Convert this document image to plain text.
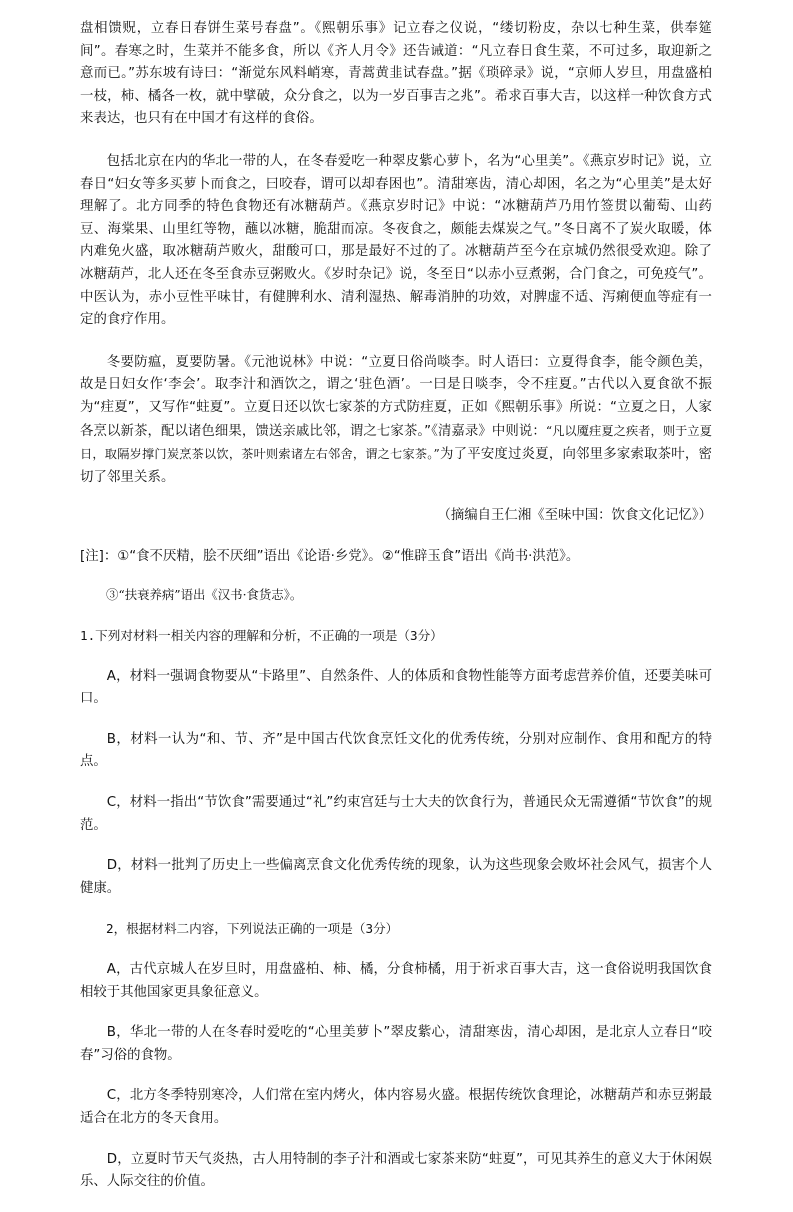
盘相馈贶，立春日春饼生菜号春盘”。《熙朝乐事》记立春之仪说，“缕切粉皮，杂以七种生菜，供奉筵间”。春寒之时，生菜并不能多食，所以《齐人月令》还告诫道：“凡立春日食生菜，不可过多，取迎新之意而已。”苏东坡有诗曰：“渐觉东风料峭寒，青蒿黄韭试春盘。”据《琐碎录》说，“京师人岁旦，用盘盛柏一枝，柿、橘各一枚，就中擘破，众分食之，以为一岁百事吉之兆”。希求百事大吉，以这样一种饮食方式来表达，也只有在中国才有这样的食俗。

包括北京在内的华北一带的人，在冬春爱吃一种翠皮紫心萝卜，名为“心里美”。《燕京岁时记》说，立春日“妇女等多买萝卜而食之，曰咬春，谓可以却春困也”。清甜寒齿，清心却困，名之为“心里美”是太好理解了。北方同季的特色食物还有冰糖葫芦。《燕京岁时记》中说：“冰糖葫芦乃用竹签贯以葡萄、山药豆、海棠果、山里红等物，蘸以冰糖，脆甜而凉。冬夜食之，颇能去煤炭之气。”冬日离不了炭火取暖，体内难免火盛，取冰糖葫芦败火，甜酸可口，那是最好不过的了。冰糖葫芦至今在京城仍然很受欢迎。除了冰糖葫芦，北人还在冬至食赤豆粥败火。《岁时杂记》说，冬至日“以赤小豆煮粥，合门食之，可免疫气”。中医认为，赤小豆性平味甘，有健脾利水、清利湿热、解毒消肿的功效，对脾虚不适、泻痢便血等症有一定的食疗作用。

冬要防瘟，夏要防暑。《元池说林》中说：“立夏日俗尚啖李。时人语曰：立夏得食李，能令颜色美，故是日妇女作‘李会’。取李汁和酒饮之，谓之‘驻色酒’。一曰是日啖李，令不疰夏。”古代以入夏食欲不振为“疰夏”，又写作“蛀夏”。立夏日还以饮七家茶的方式防疰夏，正如《熙朝乐事》所说：“立夏之日，人家各烹以新茶，配以诸色细果，馈送亲戚比邻，谓之七家茶。”《清嘉录》中则说：“凡以魇疰夏之疾者，则于立夏日，取隔岁撑门炭烹茶以饮，茶叶则索诸左右邻舍，谓之七家茶。”为了平安度过炎夏，向邻里多家索取茶叶，密切了邻里关系。

（摘编自王仁湘《至味中国：饮食文化记忆》）
[注]：①“食不厌精，脍不厌细”语出《论语·乡党》。②“惟辟玉食”语出《尚书·洪范》。
③“扶衰养病”语出《汉书·食货志》。
1.下列对材料一相关内容的理解和分析，不正确的一项是（3分）
A，材料一强调食物要从“卡路里”、自然条件、人的体质和食物性能等方面考虑营养价值，还要美味可口。
B，材料一认为“和、节、齐”是中国古代饮食烹饪文化的优秀传统，分别对应制作、食用和配方的特点。
C，材料一指出“节饮食”需要通过“礼”约束宫廷与士大夫的饮食行为，普通民众无需遵循“节饮食”的规范。
D，材料一批判了历史上一些偏离烹食文化优秀传统的现象，认为这些现象会败坏社会风气，损害个人健康。
2，根据材料二内容，下列说法正确的一项是（3分）
A，古代京城人在岁旦时，用盘盛柏、柿、橘，分食柿橘，用于祈求百事大吉，这一食俗说明我国饮食相较于其他国家更具象征意义。
B，华北一带的人在冬春时爱吃的“心里美萝卜”翠皮紫心，清甜寒齿，清心却困，是北京人立春日“咬春”习俗的食物。
C，北方冬季特别寒冷，人们常在室内烤火，体内容易火盛。根据传统饮食理论，冰糖葫芦和赤豆粥最适合在北方的冬天食用。
D，立夏时节天气炎热，古人用特制的李子汁和酒或七家茶来防“蛀夏”，可见其养生的意义大于休闲娱乐、人际交往的价值。
